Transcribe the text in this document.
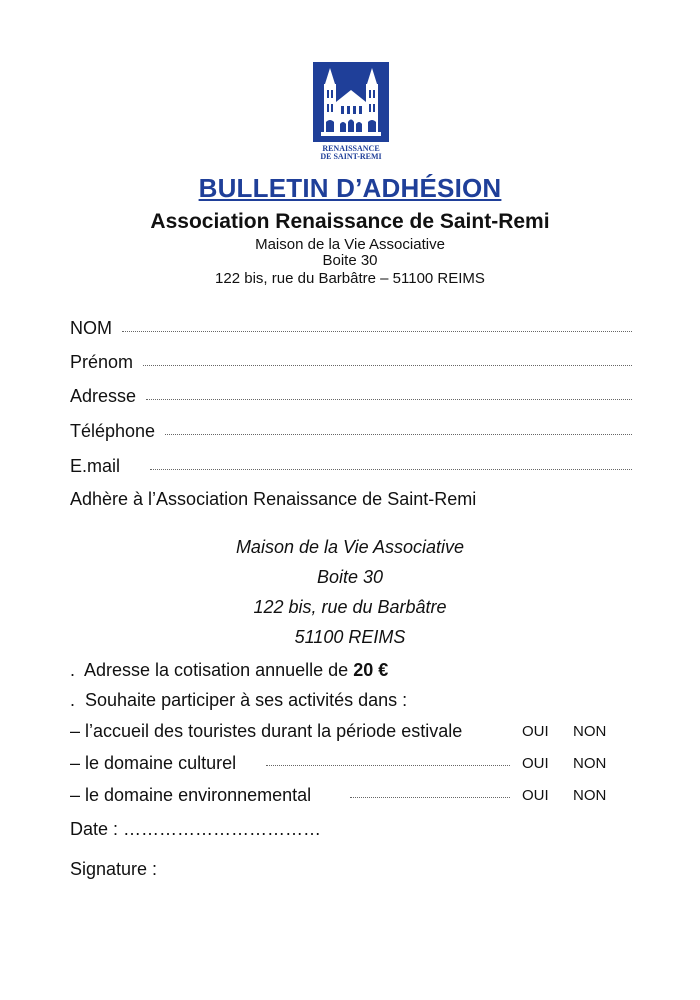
RENAISSANCE
DE SAINT-REMI
BULLETIN D’ADHÉSION
Association Renaissance de Saint-Remi
Maison de la Vie Associative
Boite 30
122 bis, rue du Barbâtre – 51100 REIMS
NOM
Prénom
Adresse
Téléphone
E.mail
Adhère à l’Association Renaissance de Saint-Remi
Maison de la Vie Associative
Boite 30
122 bis, rue du Barbâtre
51100 REIMS
.  Adresse la cotisation annuelle de 20 €
.  Souhaite participer à ses activités dans :
– l’accueil des touristes durant la période estivale	OUI NON
– le domaine culturel	OUI NON
– le domaine environnemental	OUI NON
Date : ……………………………
Signature :
